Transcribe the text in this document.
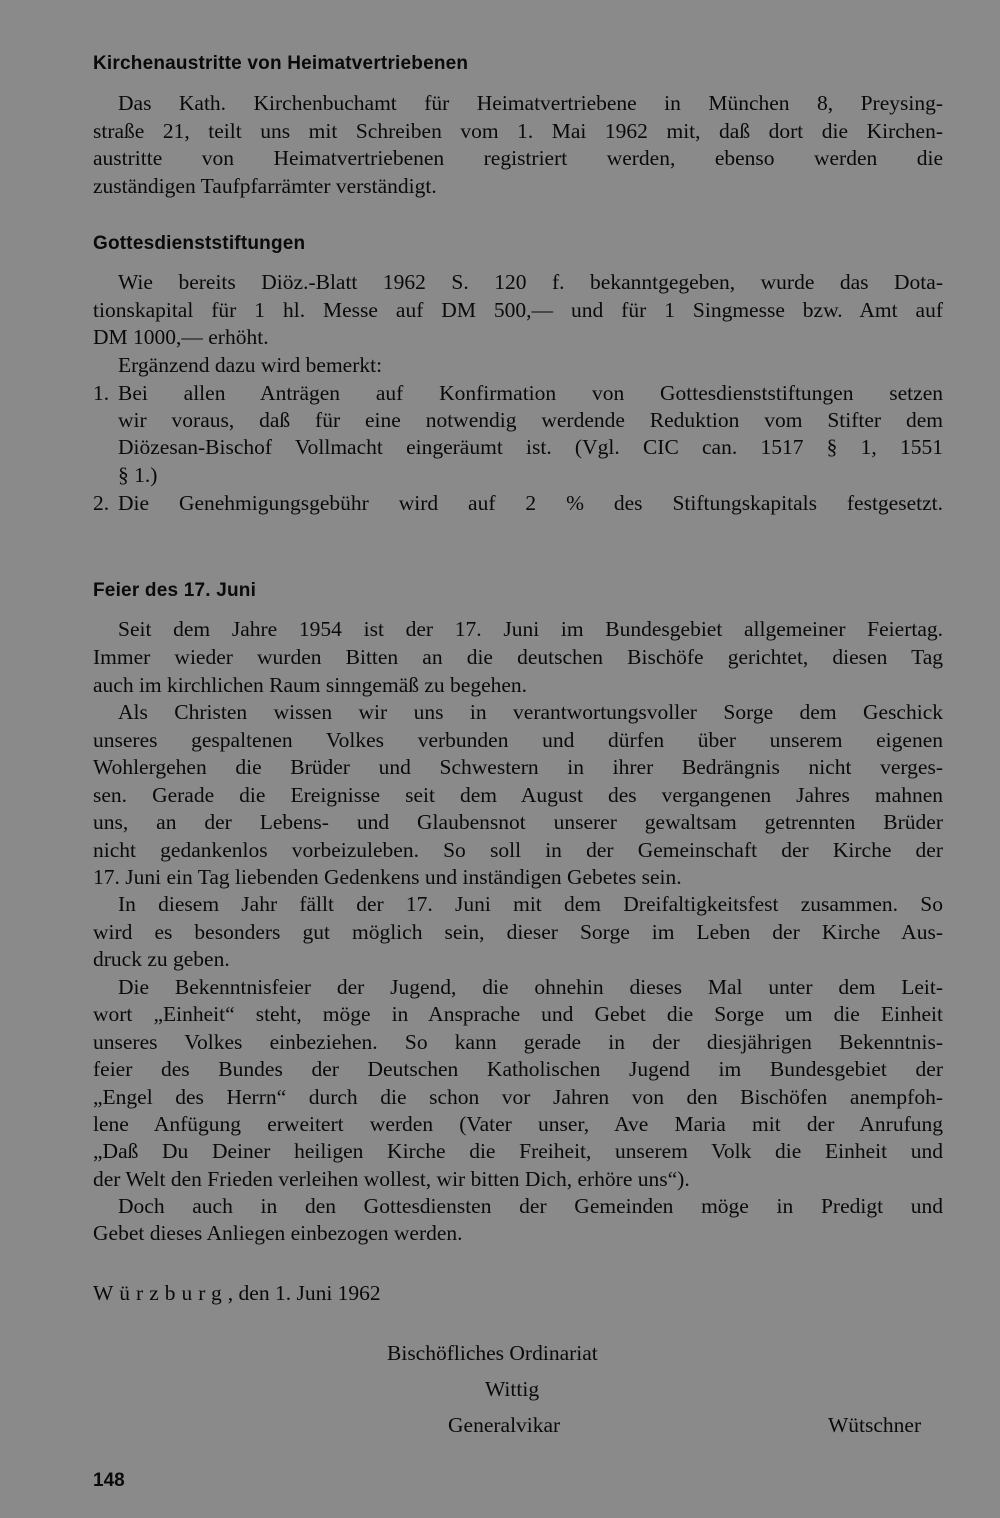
Kirchenaustritte von Heimatvertriebenen
Das Kath. Kirchenbuchamt für Heimatvertriebene in München 8, Preysing-
straße 21, teilt uns mit Schreiben vom 1. Mai 1962 mit, daß dort die Kirchen-
austritte von Heimatvertriebenen registriert werden, ebenso werden die
zuständigen Taufpfarrämter verständigt.
Gottesdienststiftungen
Wie bereits Diöz.-Blatt 1962 S. 120 f. bekanntgegeben, wurde das Dota-
tionskapital für 1 hl. Messe auf DM 500,— und für 1 Singmesse bzw. Amt auf
DM 1000,— erhöht.
Ergänzend dazu wird bemerkt:
1. Bei allen Anträgen auf Konfirmation von Gottesdienststiftungen setzen
wir voraus, daß für eine notwendig werdende Reduktion vom Stifter dem
Diözesan-Bischof Vollmacht eingeräumt ist. (Vgl. CIC can. 1517 § 1, 1551
§ 1.)
2. Die Genehmigungsgebühr wird auf 2 % des Stiftungskapitals festgesetzt.
Feier des 17. Juni
Seit dem Jahre 1954 ist der 17. Juni im Bundesgebiet allgemeiner Feiertag.
Immer wieder wurden Bitten an die deutschen Bischöfe gerichtet, diesen Tag
auch im kirchlichen Raum sinngemäß zu begehen.
Als Christen wissen wir uns in verantwortungsvoller Sorge dem Geschick
unseres gespaltenen Volkes verbunden und dürfen über unserem eigenen
Wohlergehen die Brüder und Schwestern in ihrer Bedrängnis nicht verges-
sen. Gerade die Ereignisse seit dem August des vergangenen Jahres mahnen
uns, an der Lebens- und Glaubensnot unserer gewaltsam getrennten Brüder
nicht gedankenlos vorbeizuleben. So soll in der Gemeinschaft der Kirche der
17. Juni ein Tag liebenden Gedenkens und inständigen Gebetes sein.
In diesem Jahr fällt der 17. Juni mit dem Dreifaltigkeitsfest zusammen. So
wird es besonders gut möglich sein, dieser Sorge im Leben der Kirche Aus-
druck zu geben.
Die Bekenntnisfeier der Jugend, die ohnehin dieses Mal unter dem Leit-
wort „Einheit“ steht, möge in Ansprache und Gebet die Sorge um die Einheit
unseres Volkes einbeziehen. So kann gerade in der diesjährigen Bekenntnis-
feier des Bundes der Deutschen Katholischen Jugend im Bundesgebiet der
„Engel des Herrn“ durch die schon vor Jahren von den Bischöfen anempfoh-
lene Anfügung erweitert werden (Vater unser, Ave Maria mit der Anrufung
„Daß Du Deiner heiligen Kirche die Freiheit, unserem Volk die Einheit und
der Welt den Frieden verleihen wollest, wir bitten Dich, erhöre uns“).
Doch auch in den Gottesdiensten der Gemeinden möge in Predigt und
Gebet dieses Anliegen einbezogen werden.
Würzburg, den 1. Juni 1962
Bischöfliches Ordinariat
Wittig
Generalvikar	Wütschner
148
